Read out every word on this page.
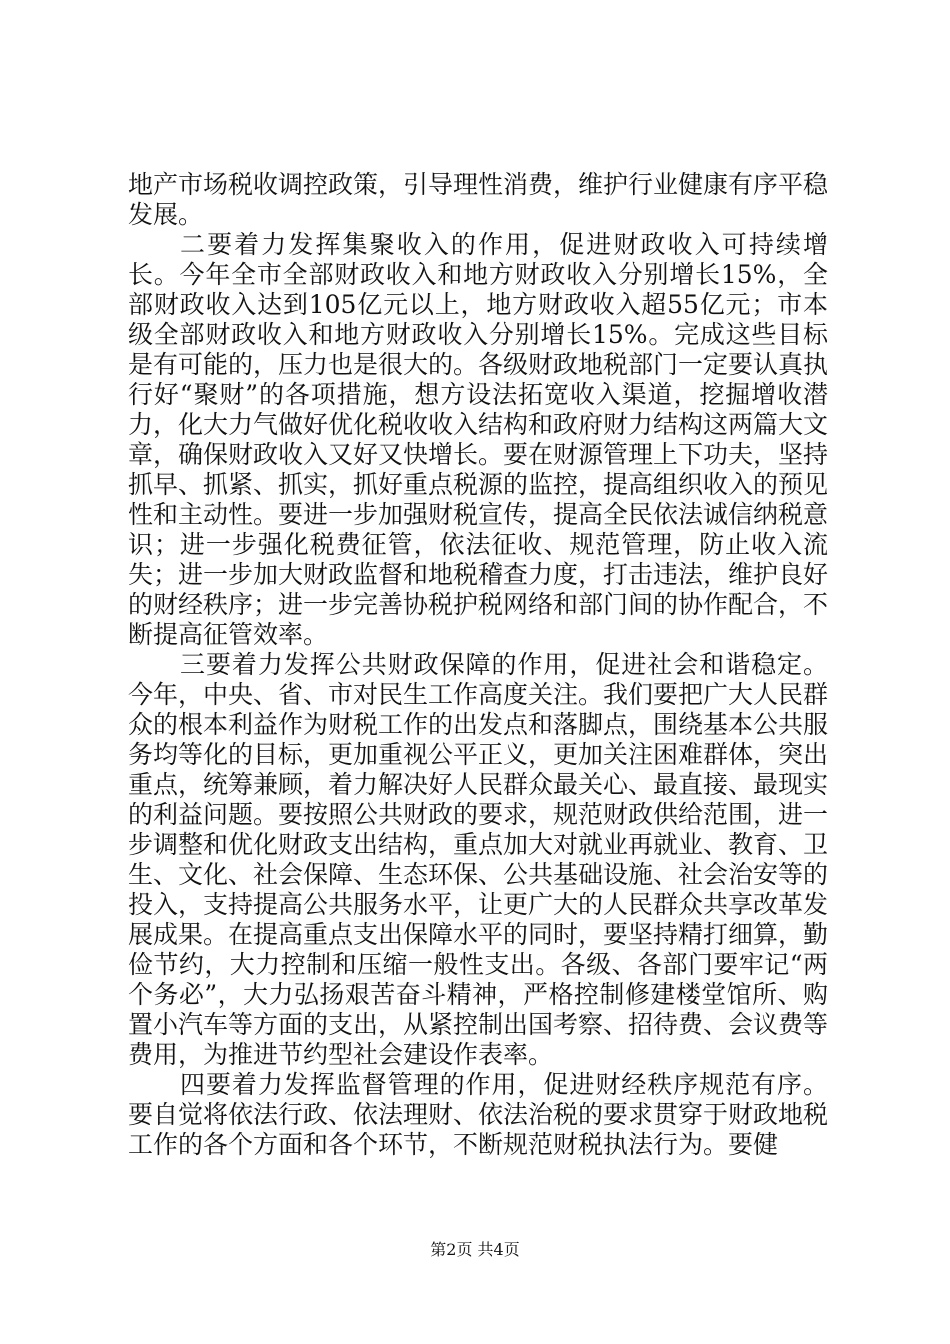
地产市场税收调控政策，引导理性消费，维护行业健康有序平稳发展。

二要着力发挥集聚收入的作用，促进财政收入可持续增长。今年全市全部财政收入和地方财政收入分别增长15%，全部财政收入达到105亿元以上，地方财政收入超55亿元；市本级全部财政收入和地方财政收入分别增长15%。完成这些目标是有可能的，压力也是很大的。各级财政地税部门一定要认真执行好“聚财”的各项措施，想方设法拓宽收入渠道，挖掘增收潜力，化大力气做好优化税收收入结构和政府财力结构这两篇大文章，确保财政收入又好又快增长。要在财源管理上下功夫，坚持抓早、抓紧、抓实，抓好重点税源的监控，提高组织收入的预见性和主动性。要进一步加强财税宣传，提高全民依法诚信纳税意识；进一步强化税费征管，依法征收、规范管理，防止收入流失；进一步加大财政监督和地税稽查力度，打击违法，维护良好的财经秩序；进一步完善协税护税网络和部门间的协作配合，不断提高征管效率。

三要着力发挥公共财政保障的作用，促进社会和谐稳定。今年，中央、省、市对民生工作高度关注。我们要把广大人民群众的根本利益作为财税工作的出发点和落脚点，围绕基本公共服务均等化的目标，更加重视公平正义，更加关注困难群体，突出重点，统筹兼顾，着力解决好人民群众最关心、最直接、最现实的利益问题。要按照公共财政的要求，规范财政供给范围，进一步调整和优化财政支出结构，重点加大对就业再就业、教育、卫生、文化、社会保障、生态环保、公共基础设施、社会治安等的投入，支持提高公共服务水平，让更广大的人民群众共享改革发展成果。在提高重点支出保障水平的同时，要坚持精打细算，勤俭节约，大力控制和压缩一般性支出。各级、各部门要牢记“两个务必”，大力弘扬艰苦奋斗精神，严格控制修建楼堂馆所、购置小汽车等方面的支出，从紧控制出国考察、招待费、会议费等费用，为推进节约型社会建设作表率。

四要着力发挥监督管理的作用，促进财经秩序规范有序。要自觉将依法行政、依法理财、依法治税的要求贯穿于财政地税工作的各个方面和各个环节，不断规范财税执法行为。要健

第2页 共4页
